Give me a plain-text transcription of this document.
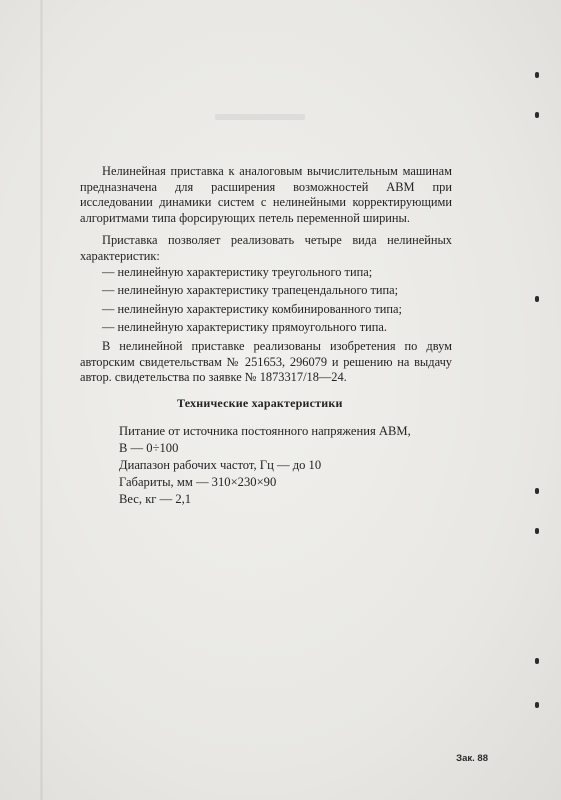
Нелинейная приставка к аналоговым вычислительным машинам предназначена для расширения возможностей АВМ при исследовании динамики систем с нелинейными корректирующими алгоритмами типа форсирующих петель переменной ширины.

Приставка позволяет реализовать четыре вида нелинейных характеристик:

— нелинейную характеристику треугольного типа;
— нелинейную характеристику трапецендального типа;
— нелинейную характеристику комбинированного типа;
— нелинейную характеристику прямоугольного типа.

В нелинейной приставке реализованы изобретения по двум авторским свидетельствам № 251653, 296079 и решению на выдачу автор. свидетельства по заявке № 1873317/18—24.

Технические характеристики
Питание от источника постоянного напряжения АВМ,
В — 0÷100
Диапазон рабочих частот, Гц — до 10
Габариты, мм — 310×230×90
Вес, кг — 2,1
Зак. 88
